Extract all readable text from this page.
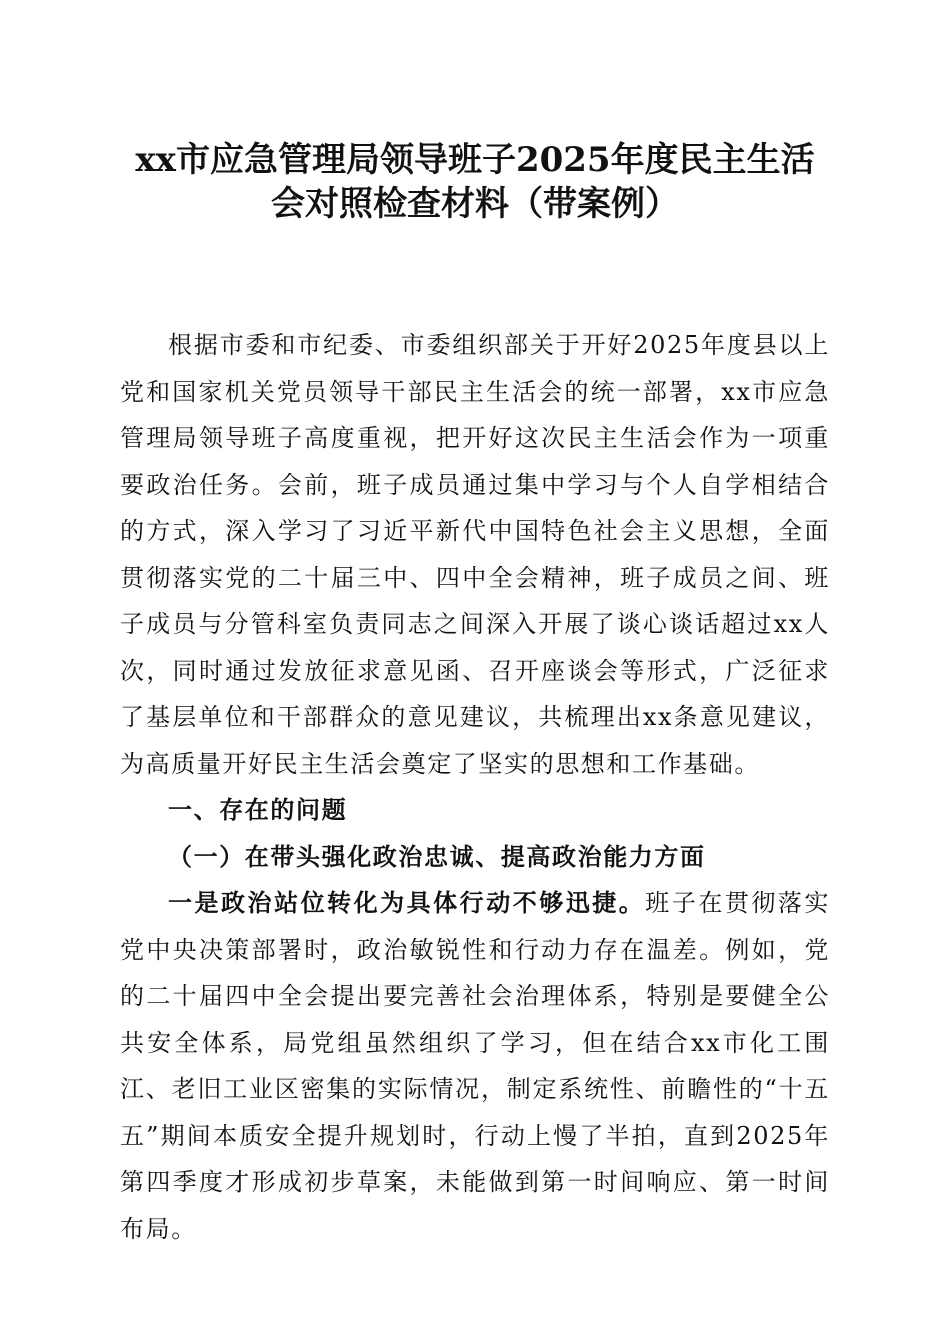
xx市应急管理局领导班子2025年度民主生活
会对照检查材料（带案例）

根据市委和市纪委、市委组织部关于开好2025年度县以上党和国家机关党员领导干部民主生活会的统一部署，xx市应急管理局领导班子高度重视，把开好这次民主生活会作为一项重要政治任务。会前，班子成员通过集中学习与个人自学相结合的方式，深入学习了习近平新代中国特色社会主义思想，全面贯彻落实党的二十届三中、四中全会精神，班子成员之间、班子成员与分管科室负责同志之间深入开展了谈心谈话超过xx人次，同时通过发放征求意见函、召开座谈会等形式，广泛征求了基层单位和干部群众的意见建议，共梳理出xx条意见建议，为高质量开好民主生活会奠定了坚实的思想和工作基础。

一、存在的问题

（一）在带头强化政治忠诚、提高政治能力方面

一是政治站位转化为具体行动不够迅捷。班子在贯彻落实党中央决策部署时，政治敏锐性和行动力存在温差。例如，党的二十届四中全会提出要完善社会治理体系，特别是要健全公共安全体系，局党组虽然组织了学习，但在结合xx市化工围江、老旧工业区密集的实际情况，制定系统性、前瞻性的“十五五”期间本质安全提升规划时，行动上慢了半拍，直到2025年第四季度才形成初步草案，未能做到第一时间响应、第一时间布局。
